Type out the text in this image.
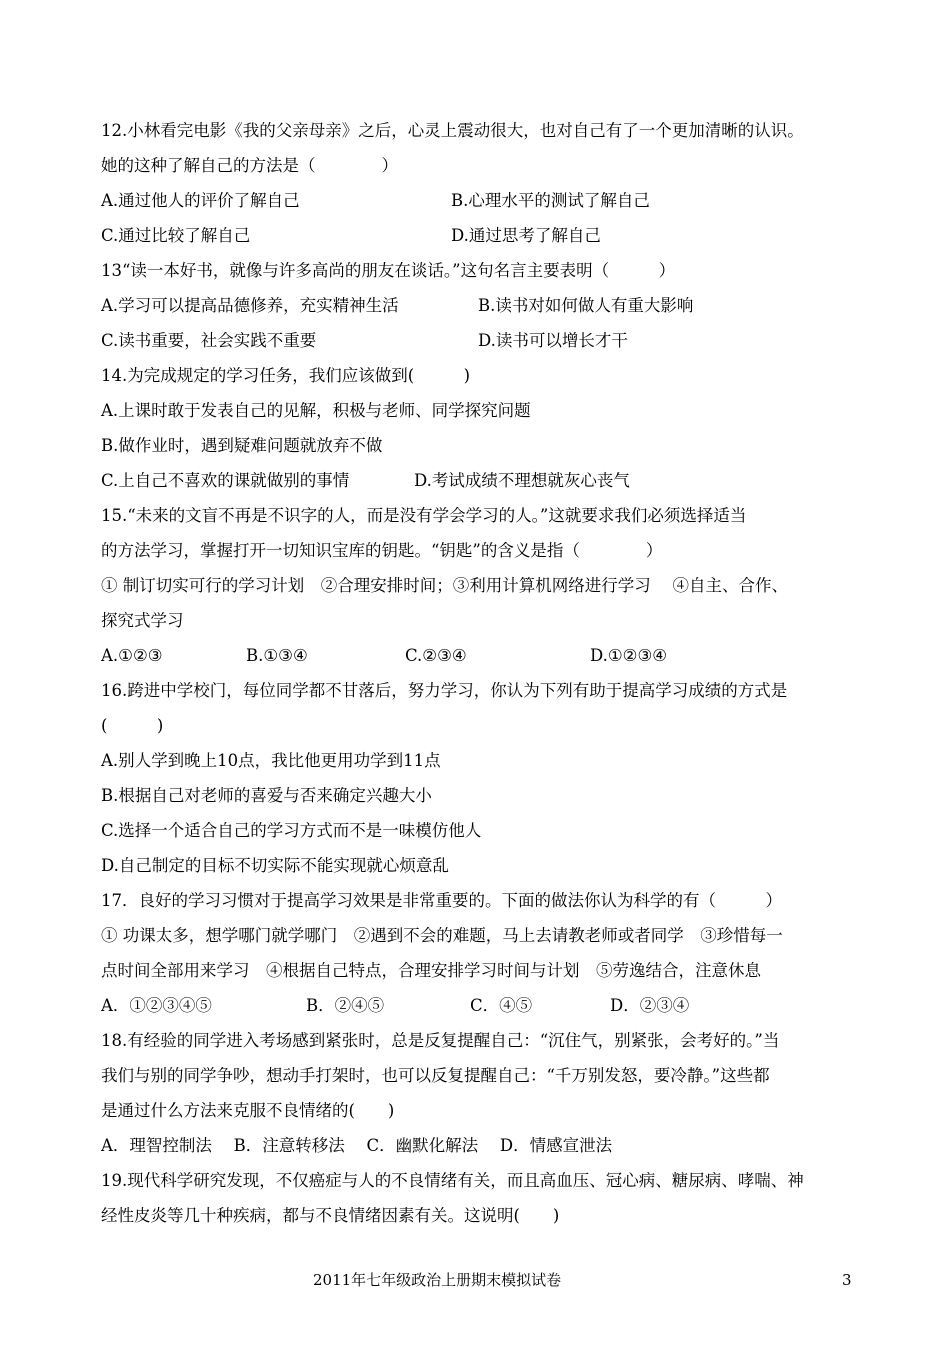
12.小林看完电影《我的父亲母亲》之后，心灵上震动很大，也对自己有了一个更加清晰的认识。
她的这种了解自己的方法是（　　　　）
A.通过他人的评价了解自己	B.心理水平的测试了解自己
C.通过比较了解自己	D.通过思考了解自己
13“读一本好书，就像与许多高尚的朋友在谈话。”这句名言主要表明（　　　）
A.学习可以提高品德修养，充实精神生活	B.读书对如何做人有重大影响
C.读书重要，社会实践不重要	D.读书可以增长才干
14.为完成规定的学习任务，我们应该做到(　　　)
A.上课时敢于发表自己的见解，积极与老师、同学探究问题
B.做作业时，遇到疑难问题就放弃不做
C.上自己不喜欢的课就做别的事情	D.考试成绩不理想就灰心丧气
15.“未来的文盲不再是不识字的人，而是没有学会学习的人。”这就要求我们必须选择适当
的方法学习，掌握打开一切知识宝库的钥匙。“钥匙”的含义是指（　　　　）
① 制订切实可行的学习计划　②合理安排时间；③利用计算机网络进行学习　 ④自主、合作、
探究式学习
A.①②③	B.①③④	C.②③④	D.①②③④
16.跨进中学校门，每位同学都不甘落后，努力学习，你认为下列有助于提高学习成绩的方式是
(　　　)
A.别人学到晚上10点，我比他更用功学到11点
B.根据自己对老师的喜爱与否来确定兴趣大小
C.选择一个适合自己的学习方式而不是一味模仿他人
D.自己制定的目标不切实际不能实现就心烦意乱
17．良好的学习习惯对于提高学习效果是非常重要的。下面的做法你认为科学的有（　　　）
① 功课太多，想学哪门就学哪门　②遇到不会的难题，马上去请教老师或者同学　③珍惜每一
点时间全部用来学习　④根据自己特点，合理安排学习时间与计划　⑤劳逸结合，注意休息
A．①②③④⑤	B．②④⑤	C．④⑤	D．②③④
18.有经验的同学进入考场感到紧张时，总是反复提醒自己：“沉住气，别紧张，会考好的。”当
我们与别的同学争吵，想动手打架时，也可以反复提醒自己：“千万别发怒，要冷静。”这些都
是通过什么方法来克服不良情绪的(　　)
A．理智控制法　 B．注意转移法　 C．幽默化解法　 D．情感宣泄法
19.现代科学研究发现，不仅癌症与人的不良情绪有关，而且高血压、冠心病、糖尿病、哮喘、神
经性皮炎等几十种疾病，都与不良情绪因素有关。这说明(　　)
2011年七年级政治上册期末模拟试卷	3
